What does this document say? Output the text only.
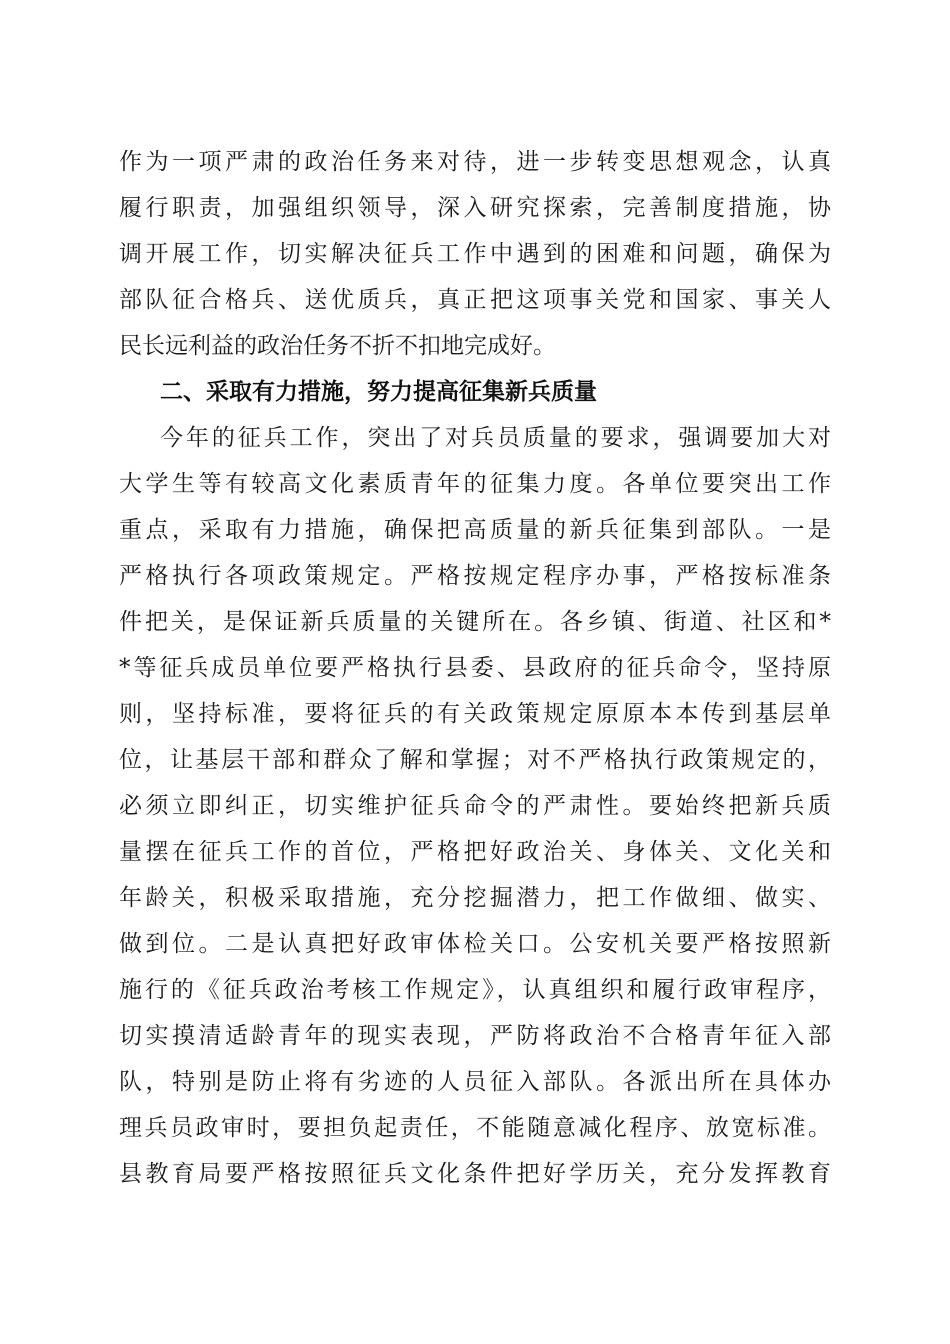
作为一项严肃的政治任务来对待，进一步转变思想观念，认真
履行职责，加强组织领导，深入研究探索，完善制度措施，协
调开展工作，切实解决征兵工作中遇到的困难和问题，确保为
部队征合格兵、送优质兵，真正把这项事关党和国家、事关人
民长远利益的政治任务不折不扣地完成好。
二、采取有力措施，努力提高征集新兵质量
今年的征兵工作，突出了对兵员质量的要求，强调要加大对
大学生等有较高文化素质青年的征集力度。各单位要突出工作
重点，采取有力措施，确保把高质量的新兵征集到部队。一是
严格执行各项政策规定。严格按规定程序办事，严格按标准条
件把关，是保证新兵质量的关键所在。各乡镇、街道、社区和*
*等征兵成员单位要严格执行县委、县政府的征兵命令，坚持原
则，坚持标准，要将征兵的有关政策规定原原本本传到基层单
位，让基层干部和群众了解和掌握；对不严格执行政策规定的，
必须立即纠正，切实维护征兵命令的严肃性。要始终把新兵质
量摆在征兵工作的首位，严格把好政治关、身体关、文化关和
年龄关，积极采取措施，充分挖掘潜力，把工作做细、做实、
做到位。二是认真把好政审体检关口。公安机关要严格按照新
施行的《征兵政治考核工作规定》，认真组织和履行政审程序，
切实摸清适龄青年的现实表现，严防将政治不合格青年征入部
队，特别是防止将有劣迹的人员征入部队。各派出所在具体办
理兵员政审时，要担负起责任，不能随意减化程序、放宽标准。
县教育局要严格按照征兵文化条件把好学历关，充分发挥教育
